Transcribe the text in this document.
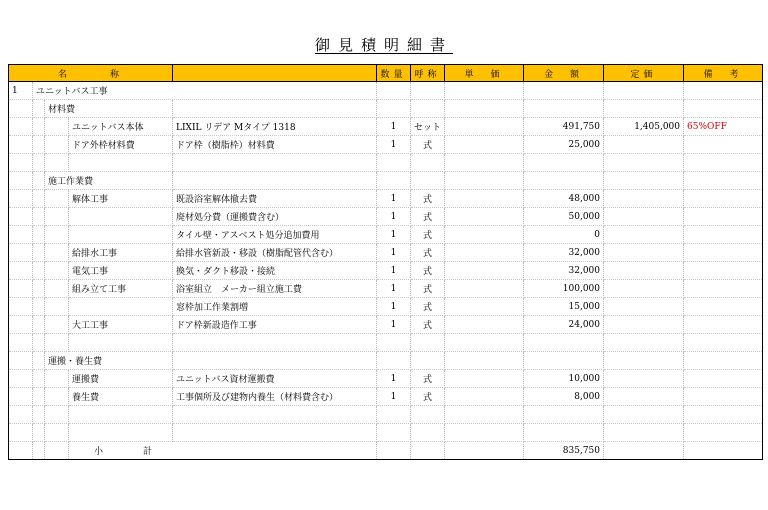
御見積明細書
名　　　称					数量	呼称	単　価	金　額	定価	備　考
1	ユニットバス工事									
		材料費								
			ユニットバス本体	LIXIL リデア Mタイプ 1318	1	セット		491,750	1,405,000	65%OFF
			ドア外枠材料費	ドア枠（樹脂枠）材料費	1	式		25,000		

		施工作業費								
			解体工事	既設浴室解体撤去費	1	式		48,000		
				廃材処分費（運搬費含む）	1	式		50,000		
				タイル壁・アスベスト処分追加費用	1	式		0		
			給排水工事	給排水管新設・移設（樹脂配管代含む）	1	式		32,000		
			電気工事	換気・ダクト移設・接続	1	式		32,000		
			組み立て工事	浴室組立　メーカー組立施工費	1	式		100,000		
				窓枠加工作業割増	1	式		15,000		
			大工工事	ドア枠新設造作工事	1	式		24,000		

		運搬・養生費								
			運搬費	ユニットバス資材運搬費	1	式		10,000		
			養生費	工事個所及び建物内養生（材料費含む）	1	式		8,000		

			小計					835,750		
